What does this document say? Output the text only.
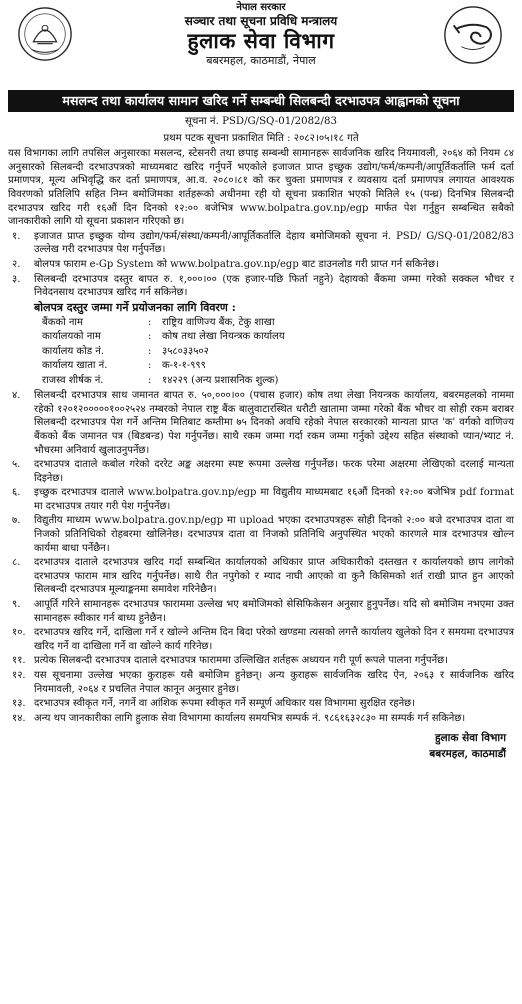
नेपाल सरकार
सञ्चार तथा सूचना प्रविधि मन्त्रालय
हुलाक सेवा विभाग
बबरमहल, काठमाडौं, नेपाल
मसलन्द तथा कार्यालय सामान खरिद गर्ने सम्बन्धी सिलबन्दी दरभाउपत्र आह्वानको सूचना
सूचना नं. PSD/G/SQ-01/2082/83
प्रथम पटक सूचना प्रकाशित मिति : २०८२।०५।१८ गते
यस विभागका लागि तपसिल अनुसारका मसलन्द, स्टेसनरी तथा छपाइ सम्बन्धी सामानहरू सार्वजनिक खरिद नियमावली, २०६४ को नियम ८४ अनुसारको सिलबन्दी दरभाउपत्रको माध्यमबाट खरिद गर्नुपर्ने भएकोले इजाजत प्राप्त इच्छुक उद्योग/फर्म/कम्पनी/आपूर्तिकर्तालि फर्म दर्ता प्रमाणपत्र, मूल्य अभिवृद्धि कर दर्ता प्रमाणपत्र, आ.व. २०८०।८१ को कर चुक्ता प्रमाणपत्र र व्यवसाय दर्ता प्रमाणपत्र लगायत आवश्यक विवरणको प्रतिलिपि सहित निम्न बमोजिमका शर्तहरूको अधीनमा रही यो सूचना प्रकाशित भएको मितिले १५ (पन्ध्र) दिनभित्र सिलबन्दी दरभाउपत्र खरिद गरी १६औं दिन दिनको १२:०० बजेभित्र www.bolpatra.gov.np/egp मार्फत पेश गर्नुहुन सम्बन्धित सबैको जानकारीको लागि यो सूचना प्रकाशन गरिएको छ।
१.	इजाजत प्राप्त इच्छुक योग्य उद्योग/फर्म/संस्था/कम्पनी/आपूर्तिकर्तालि देहाय बमोजिमको सूचना नं. PSD/ G/SQ-01/2082/83 उल्लेख गरी दरभाउपत्र पेश गर्नुपर्नेछ।
२.	बोलपत्र फाराम e-Gp System को www.bolpatra.gov.np/egp बाट डाउनलोड गरी प्राप्त गर्न सकिनेछ।
३.	सिलबन्दी दरभाउपत्र दस्तुर बापत रु. १,०००।०० (एक हजार-पछि फिर्ता नहुने) देहायको बैंकमा जम्मा गरेको सक्कल भौचर र निवेदनसाथ दरभाउपत्र खरिद गर्न सकिनेछ।
बोलपत्र दस्तुर जम्मा गर्ने प्रयोजनका लागि विवरण :
बैंकको नाम	:	राष्ट्रिय वाणिज्य बैंक, टेकु शाखा
कार्यालयको नाम	:	कोष तथा लेखा नियन्त्रक कार्यालय
कार्यालय कोड नं.	:	३५८०३३५०२
कार्यालय खाता नं.	:	क-१-१-९९९
राजस्व शीर्षक नं.	:	१४२२९ (अन्य प्रशासनिक शुल्क)
४.	सिलबन्दी दरभाउपत्र साथ जमानत बापत रु. ५०,०००।०० (पचास हजार) कोष तथा लेखा नियन्त्रक कार्यालय, बबरमहलको नाममा रहेको १२०१२०००००१००२५२४ नम्बरको नेपाल राष्ट्र बैंक बालुवाटारस्थित धरौटी खातामा जम्मा गरेको बैंक भौचर वा सोही रकम बराबर सिलबन्दी दरभाउपत्र पेश गर्ने अन्तिम मितिबाट कम्तीमा ७५ दिनको अवधि रहेको नेपाल सरकारको मान्यता प्राप्त 'क' वर्गको वाणिज्य बैंकको बैंक जमानत पत्र (बिडबन्ड) पेश गर्नुपर्नेछ। साथै रकम जम्मा गर्दा रकम जम्मा गर्नुको उद्देश्य सहित संस्थाको प्यान/भ्याट नं. भौचरमा अनिवार्य खुलाउनुपर्नेछ।
५.	दरभाउपत्र दाताले कबोल गरेको दररेट अङ्क अक्षरमा स्पष्ट रूपमा उल्लेख गर्नुपर्नेछ। फरक परेमा अक्षरमा लेखिएको दरलाई मान्यता दिइनेछ।
६.	इच्छुक दरभाउपत्र दाताले www.bolpatra.gov.np/egp मा विद्युतीय माध्यमबाट १६औं दिनको १२:०० बजेभित्र pdf format मा दरभाउपत्र तयार गरी पेश गर्नुपर्नेछ।
७.	विद्युतीय माध्यम www.bolpatra.gov.np/egp मा upload भएका दरभाउपत्रहरू सोही दिनको २:०० बजे दरभाउपत्र दाता वा निजको प्रतिनिधिको रोहबरमा खोलिनेछ। दरभाउपत्र दाता वा निजको प्रतिनिधि अनुपस्थित भएको कारणले मात्र दरभाउपत्र खोल्न कार्यमा बाधा पर्नेछैन।
८.	दरभाउपत्र दाताले दरभाउपत्र खरिद गर्दा सम्बन्धित कार्यालयको अधिकार प्राप्त अधिकारीको दस्तखत र कार्यालयको छाप लागेको दरभाउपत्र फाराम मात्र खरिद गर्नुपर्नेछ। साथै रीत नपुगेको र म्याद नाघी आएको वा कुनै किसिमको शर्त राखी प्राप्त हुन आएको सिलबन्दी दरभाउपत्र मूल्याङ्कनमा समावेश गरिनेछैन।
९.	आपूर्ति गरिने सामानहरू दरभाउपत्र फाराममा उल्लेख भए बमोजिमको सेसिफिकेसन अनुसार हुनुपर्नेछ। यदि सो बमोजिम नभएमा उक्त सामानहरू स्वीकार गर्न बाध्य हुनेछैन।
१०. दरभाउपत्र खरिद गर्ने, दाखिला गर्ने र खोल्ने अन्तिम दिन बिदा परेको खण्डमा त्यसको लगत्तै कार्यालय खुलेको दिन र समयमा दरभाउपत्र खरिद गर्ने वा दाखिला गर्ने वा खोल्ने कार्य गरिनेछ।
११. प्रत्येक सिलबन्दी दरभाउपत्र दाताले दरभाउपत्र फाराममा उल्लिखित शर्तहरू अध्ययन गरी पूर्ण रूपले पालना गर्नुपर्नेछ।
१२. यस सूचनामा उल्लेख भएका कुराहरू यसै बमोजिम हुनेछन्। अन्य कुराहरू सार्वजनिक खरिद ऐन, २०६३ र सार्वजनिक खरिद नियमावली, २०६४ र प्रचलित नेपाल कानून अनुसार हुनेछ।
१३. दरभाउपत्र स्वीकृत गर्ने, नगर्ने वा आंशिक रूपमा स्वीकृत गर्ने सम्पूर्ण अधिकार यस विभागमा सुरक्षित रहनेछ।
१४. अन्य थप जानकारीका लागि हुलाक सेवा विभागमा कार्यालय समयभित्र सम्पर्क नं. ९८६१६३२८३० मा सम्पर्क गर्न सकिनेछ।
हुलाक सेवा विभाग
बबरमहल, काठमाडौं
